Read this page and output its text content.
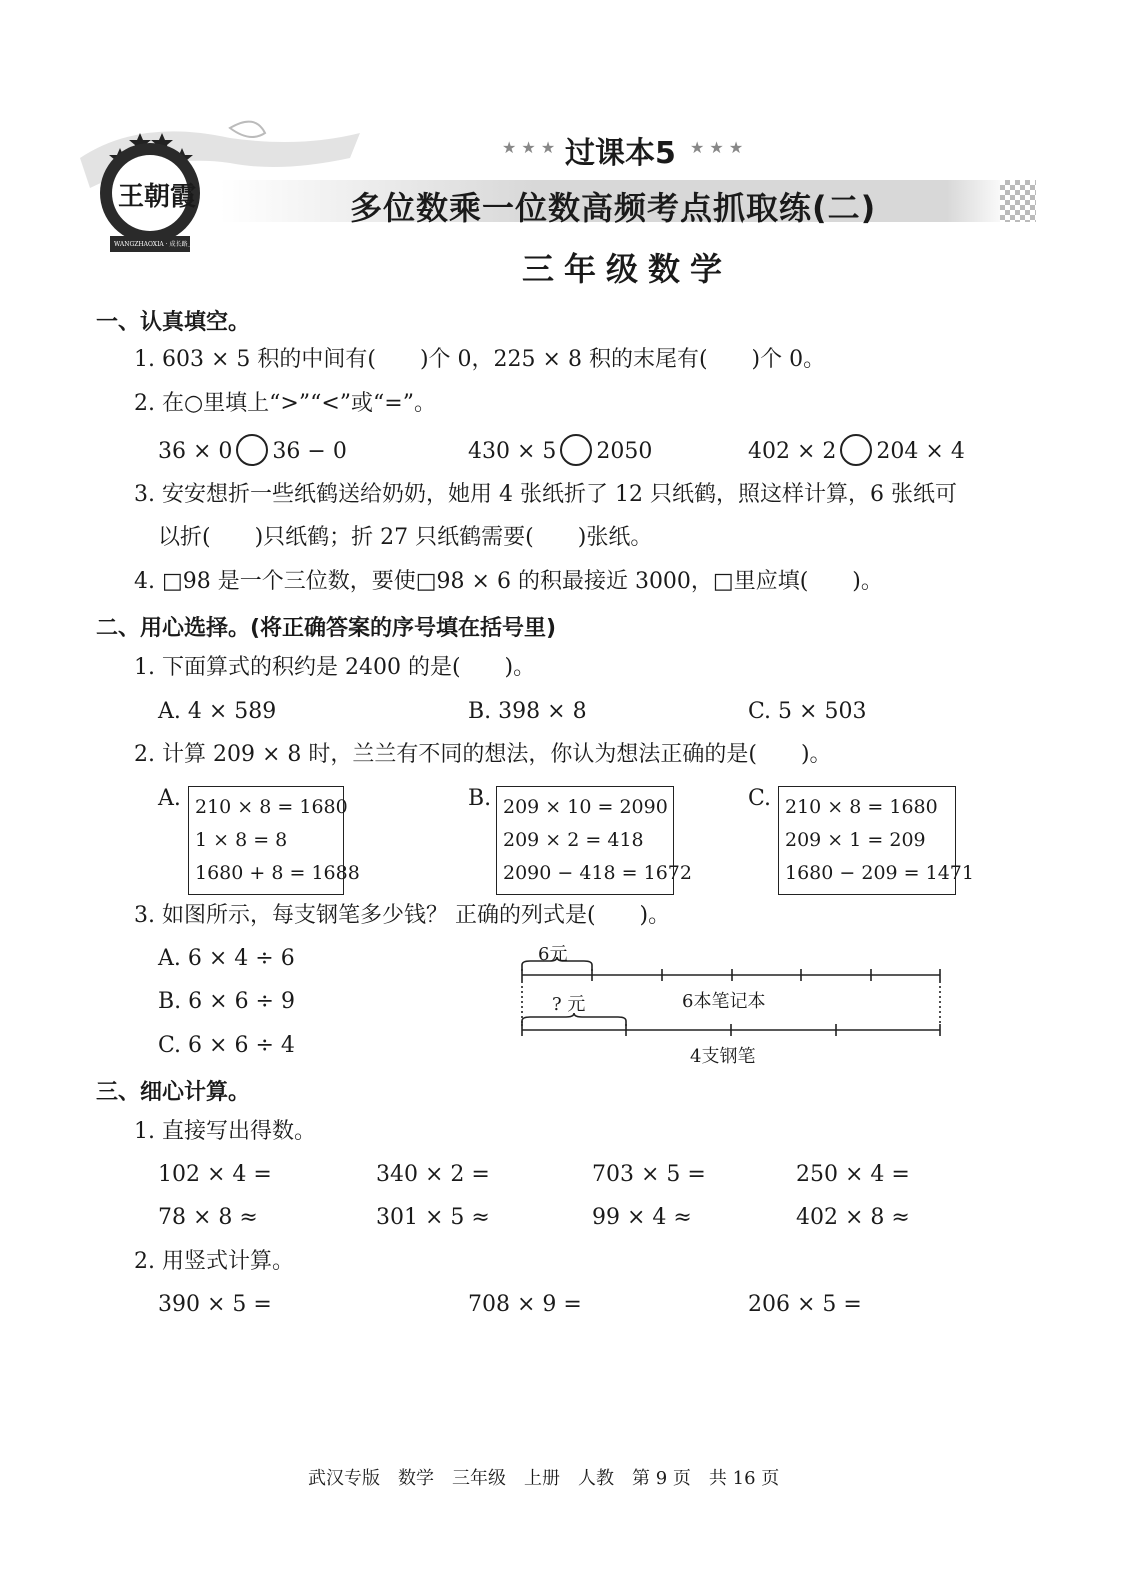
王朝霞
WANGZHAOXIA · 成长路上 · 精彩每天
★ ★ ★ 过课本5 ★ ★ ★
多位数乘一位数高频考点抓取练(二)
三年级数学
一、认真填空。
1. 603 × 5 积的中间有(　　)个 0，225 × 8 积的末尾有(　　)个 0。
2. 在○里填上“>”“<”或“=”。
36 × 0 36 − 0	430 × 5 2050	402 × 2 204 × 4
3. 安安想折一些纸鹤送给奶奶，她用 4 张纸折了 12 只纸鹤，照这样计算，6 张纸可
以折(　　)只纸鹤；折 27 只纸鹤需要(　　)张纸。
4. □98 是一个三位数，要使□98 × 6 的积最接近 3000，□里应填(　　)。
二、用心选择。(将正确答案的序号填在括号里)
1. 下面算式的积约是 2400 的是(　　)。
A. 4 × 589	B. 398 × 8	C. 5 × 503
2. 计算 209 × 8 时，兰兰有不同的想法，你认为想法正确的是(　　)。
A. 210 × 8 = 1680
1 × 8 = 8
1680 + 8 = 1688
B. 209 × 10 = 2090
209 × 2 = 418
2090 − 418 = 1672
C. 210 × 8 = 1680
209 × 1 = 209
1680 − 209 = 1471
3. 如图所示，每支钢笔多少钱？ 正确的列式是(　　)。
A. 6 × 4 ÷ 6
B. 6 × 6 ÷ 9
C. 6 × 6 ÷ 4
6元
? 元	6本笔记本
4支钢笔
三、细心计算。
1. 直接写出得数。
102 × 4 =	340 × 2 =	703 × 5 =	250 × 4 =
78 × 8 ≈	301 × 5 ≈	99 × 4 ≈	402 × 8 ≈
2. 用竖式计算。
390 × 5 =	708 × 9 =	206 × 5 =
武汉专版　数学　三年级　上册　人教　第 9 页　共 16 页
